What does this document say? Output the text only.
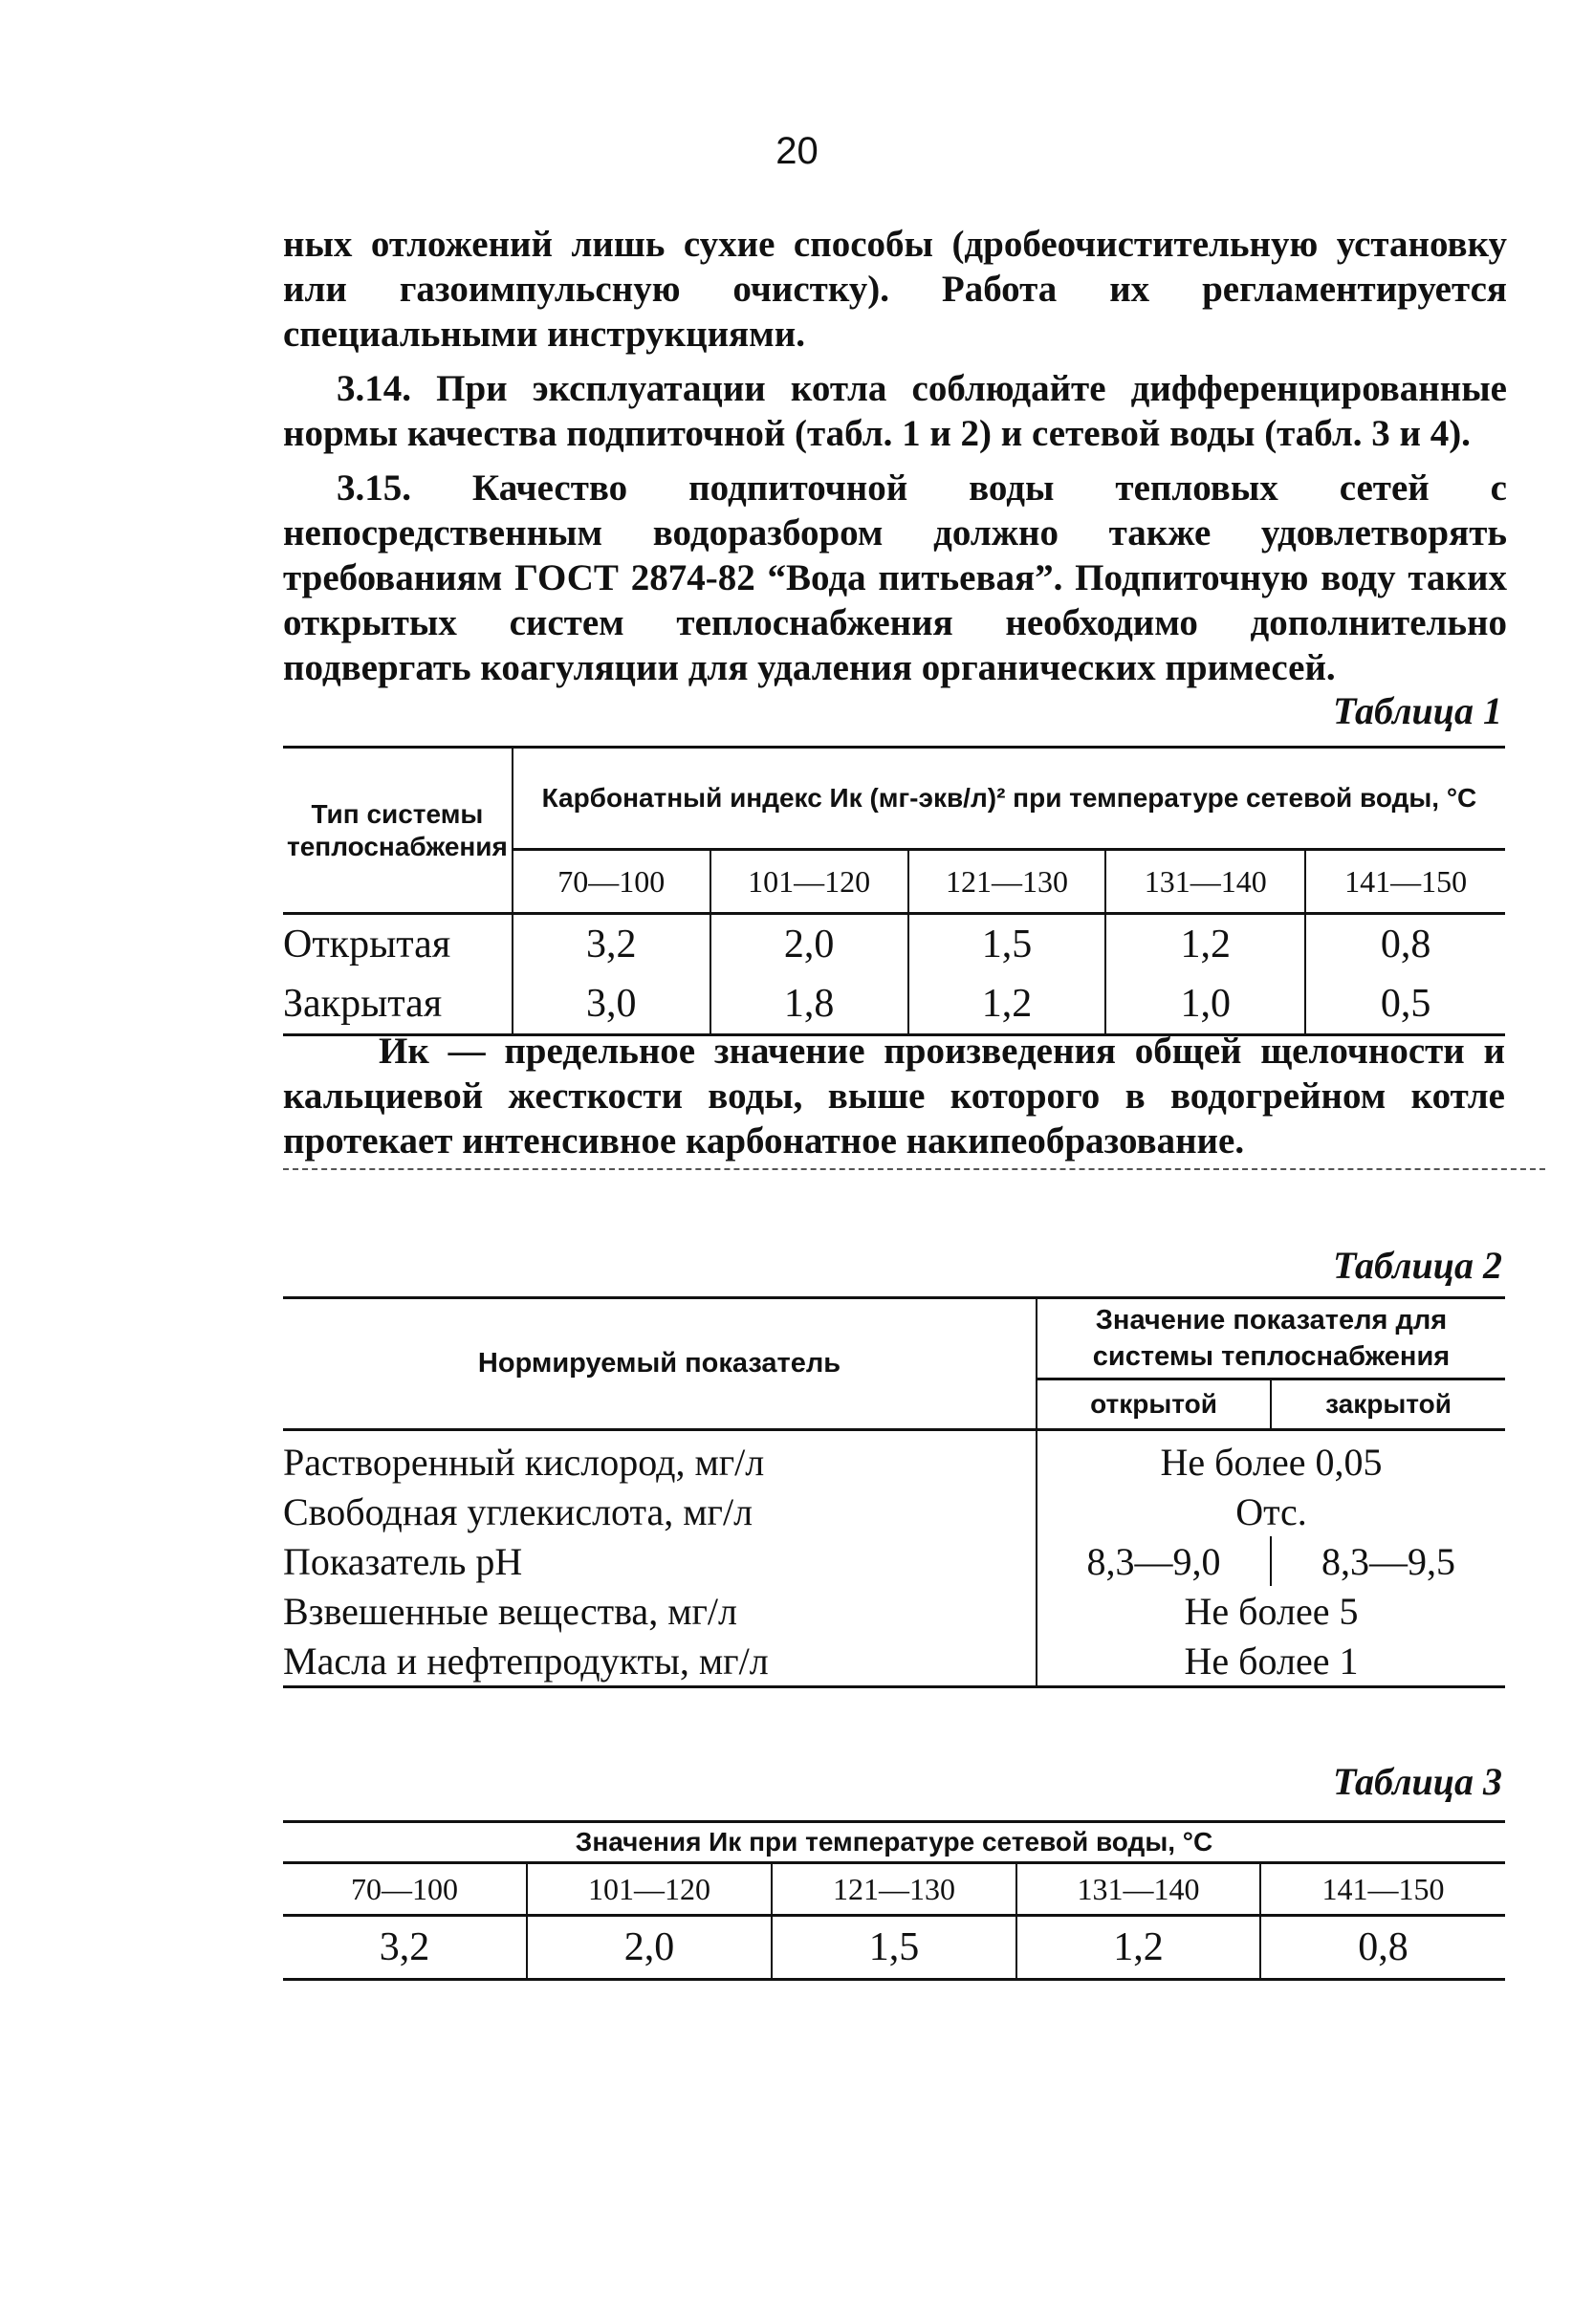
20

ных отложений лишь сухие способы (дробеочистительную установку или газоимпульсную очистку). Работа их регламентируется специальными инструкциями.

3.14. При эксплуатации котла соблюдайте дифференцированные нормы качества подпиточной (табл. 1 и 2) и сетевой воды (табл. 3 и 4).

3.15. Качество подпиточной воды тепловых сетей с непосредственным водоразбором должно также удовлетворять требованиям ГОСТ 2874-82 “Вода питьевая”. Подпиточную воду таких открытых систем теплоснабжения необходимо дополнительно подвергать коагуляции для удаления органических примесей.

Таблица 1
Тип системы теплоснабжения	Карбонатный индекс Ик (мг-экв/л)² при температуре сетевой воды, °С				
	70—100	101—120	121—130	131—140	141—150
Открытая	3,2	2,0	1,5	1,2	0,8
Закрытая	3,0	1,8	1,2	1,0	0,5

Ик — предельное значение произведения общей щелочности и кальциевой жесткости воды, выше которого в водогрейном котле протекает интенсивное карбонатное накипеобразование.

Таблица 2
Нормируемый показатель	Значение показателя для системы теплоснабжения	
	открытой	закрытой
Растворенный кислород, мг/л	Не более 0,05	
Свободная углекислота, мг/л	Отс.	
Показатель рН	8,3—9,0	8,3—9,5
Взвешенные вещества, мг/л	Не более 5	
Масла и нефтепродукты, мг/л	Не более 1	
Таблица 3
Значения Ик при температуре сетевой воды, °С				
70—100	101—120	121—130	131—140	141—150
3,2	2,0	1,5	1,2	0,8
